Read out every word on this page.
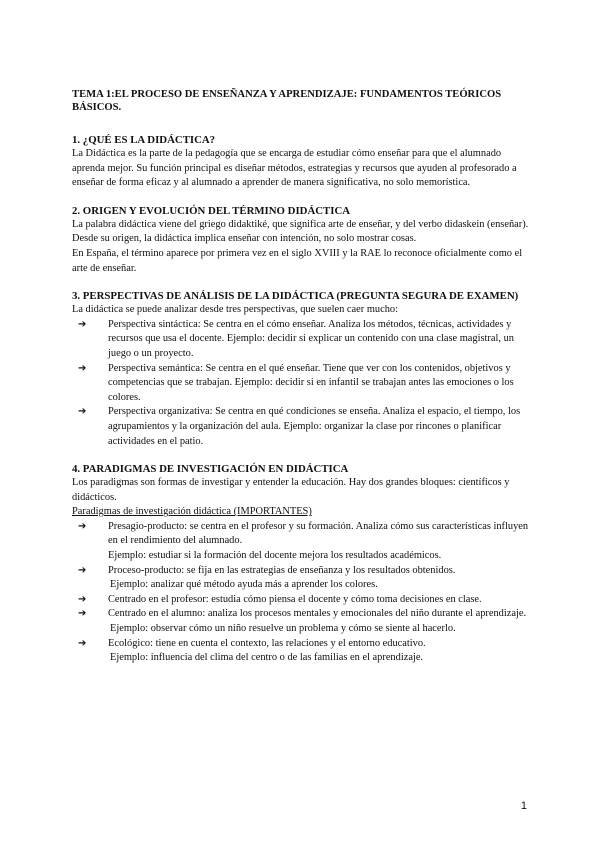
TEMA 1:EL PROCESO DE ENSEÑANZA Y APRENDIZAJE: FUNDAMENTOS TEÓRICOS BÁSICOS.
1. ¿QUÉ ES LA DIDÁCTICA?

La Didáctica es la parte de la pedagogía que se encarga de estudiar cómo enseñar para que el alumnado aprenda mejor. Su función principal es diseñar métodos, estrategias y recursos que ayuden al profesorado a enseñar de forma eficaz y al alumnado a aprender de manera significativa, no solo memorística.

2. ORIGEN Y EVOLUCIÓN DEL TÉRMINO DIDÁCTICA

La palabra didáctica viene del griego didaktiké, que significa arte de enseñar, y del verbo didaskein (enseñar). Desde su origen, la didáctica implica enseñar con intención, no solo mostrar cosas.

En España, el término aparece por primera vez en el siglo XVIII y la RAE lo reconoce oficialmente como el arte de enseñar.

3. PERSPECTIVAS DE ANÁLISIS DE LA DIDÁCTICA (PREGUNTA SEGURA DE EXAMEN)

La didáctica se puede analizar desde tres perspectivas, que suelen caer mucho:

➔ Perspectiva sintáctica: Se centra en el cómo enseñar. Analiza los métodos, técnicas, actividades y recursos que usa el docente. Ejemplo: decidir si explicar un contenido con una clase magistral, un juego o un proyecto.
➔ Perspectiva semántica: Se centra en el qué enseñar. Tiene que ver con los contenidos, objetivos y competencias que se trabajan. Ejemplo: decidir si en infantil se trabajan antes las emociones o los colores.
➔ Perspectiva organizativa: Se centra en qué condiciones se enseña. Analiza el espacio, el tiempo, los agrupamientos y la organización del aula. Ejemplo: organizar la clase por rincones o planificar actividades en el patio.
4. PARADIGMAS DE INVESTIGACIÓN EN DIDÁCTICA

Los paradigmas son formas de investigar y entender la educación. Hay dos grandes bloques: científicos y didácticos.

Paradigmas de investigación didáctica (IMPORTANTES)

➔ Presagio-producto: se centra en el profesor y su formación. Analiza cómo sus características influyen en el rendimiento del alumnado.
Ejemplo: estudiar si la formación del docente mejora los resultados académicos.
➔ Proceso-producto: se fija en las estrategias de enseñanza y los resultados obtenidos.
Ejemplo: analizar qué método ayuda más a aprender los colores.
➔ Centrado en el profesor: estudia cómo piensa el docente y cómo toma decisiones en clase.
➔ Centrado en el alumno: analiza los procesos mentales y emocionales del niño durante el aprendizaje.
Ejemplo: observar cómo un niño resuelve un problema y cómo se siente al hacerlo.
➔ Ecológico: tiene en cuenta el contexto, las relaciones y el entorno educativo.
Ejemplo: influencia del clima del centro o de las familias en el aprendizaje.
1
